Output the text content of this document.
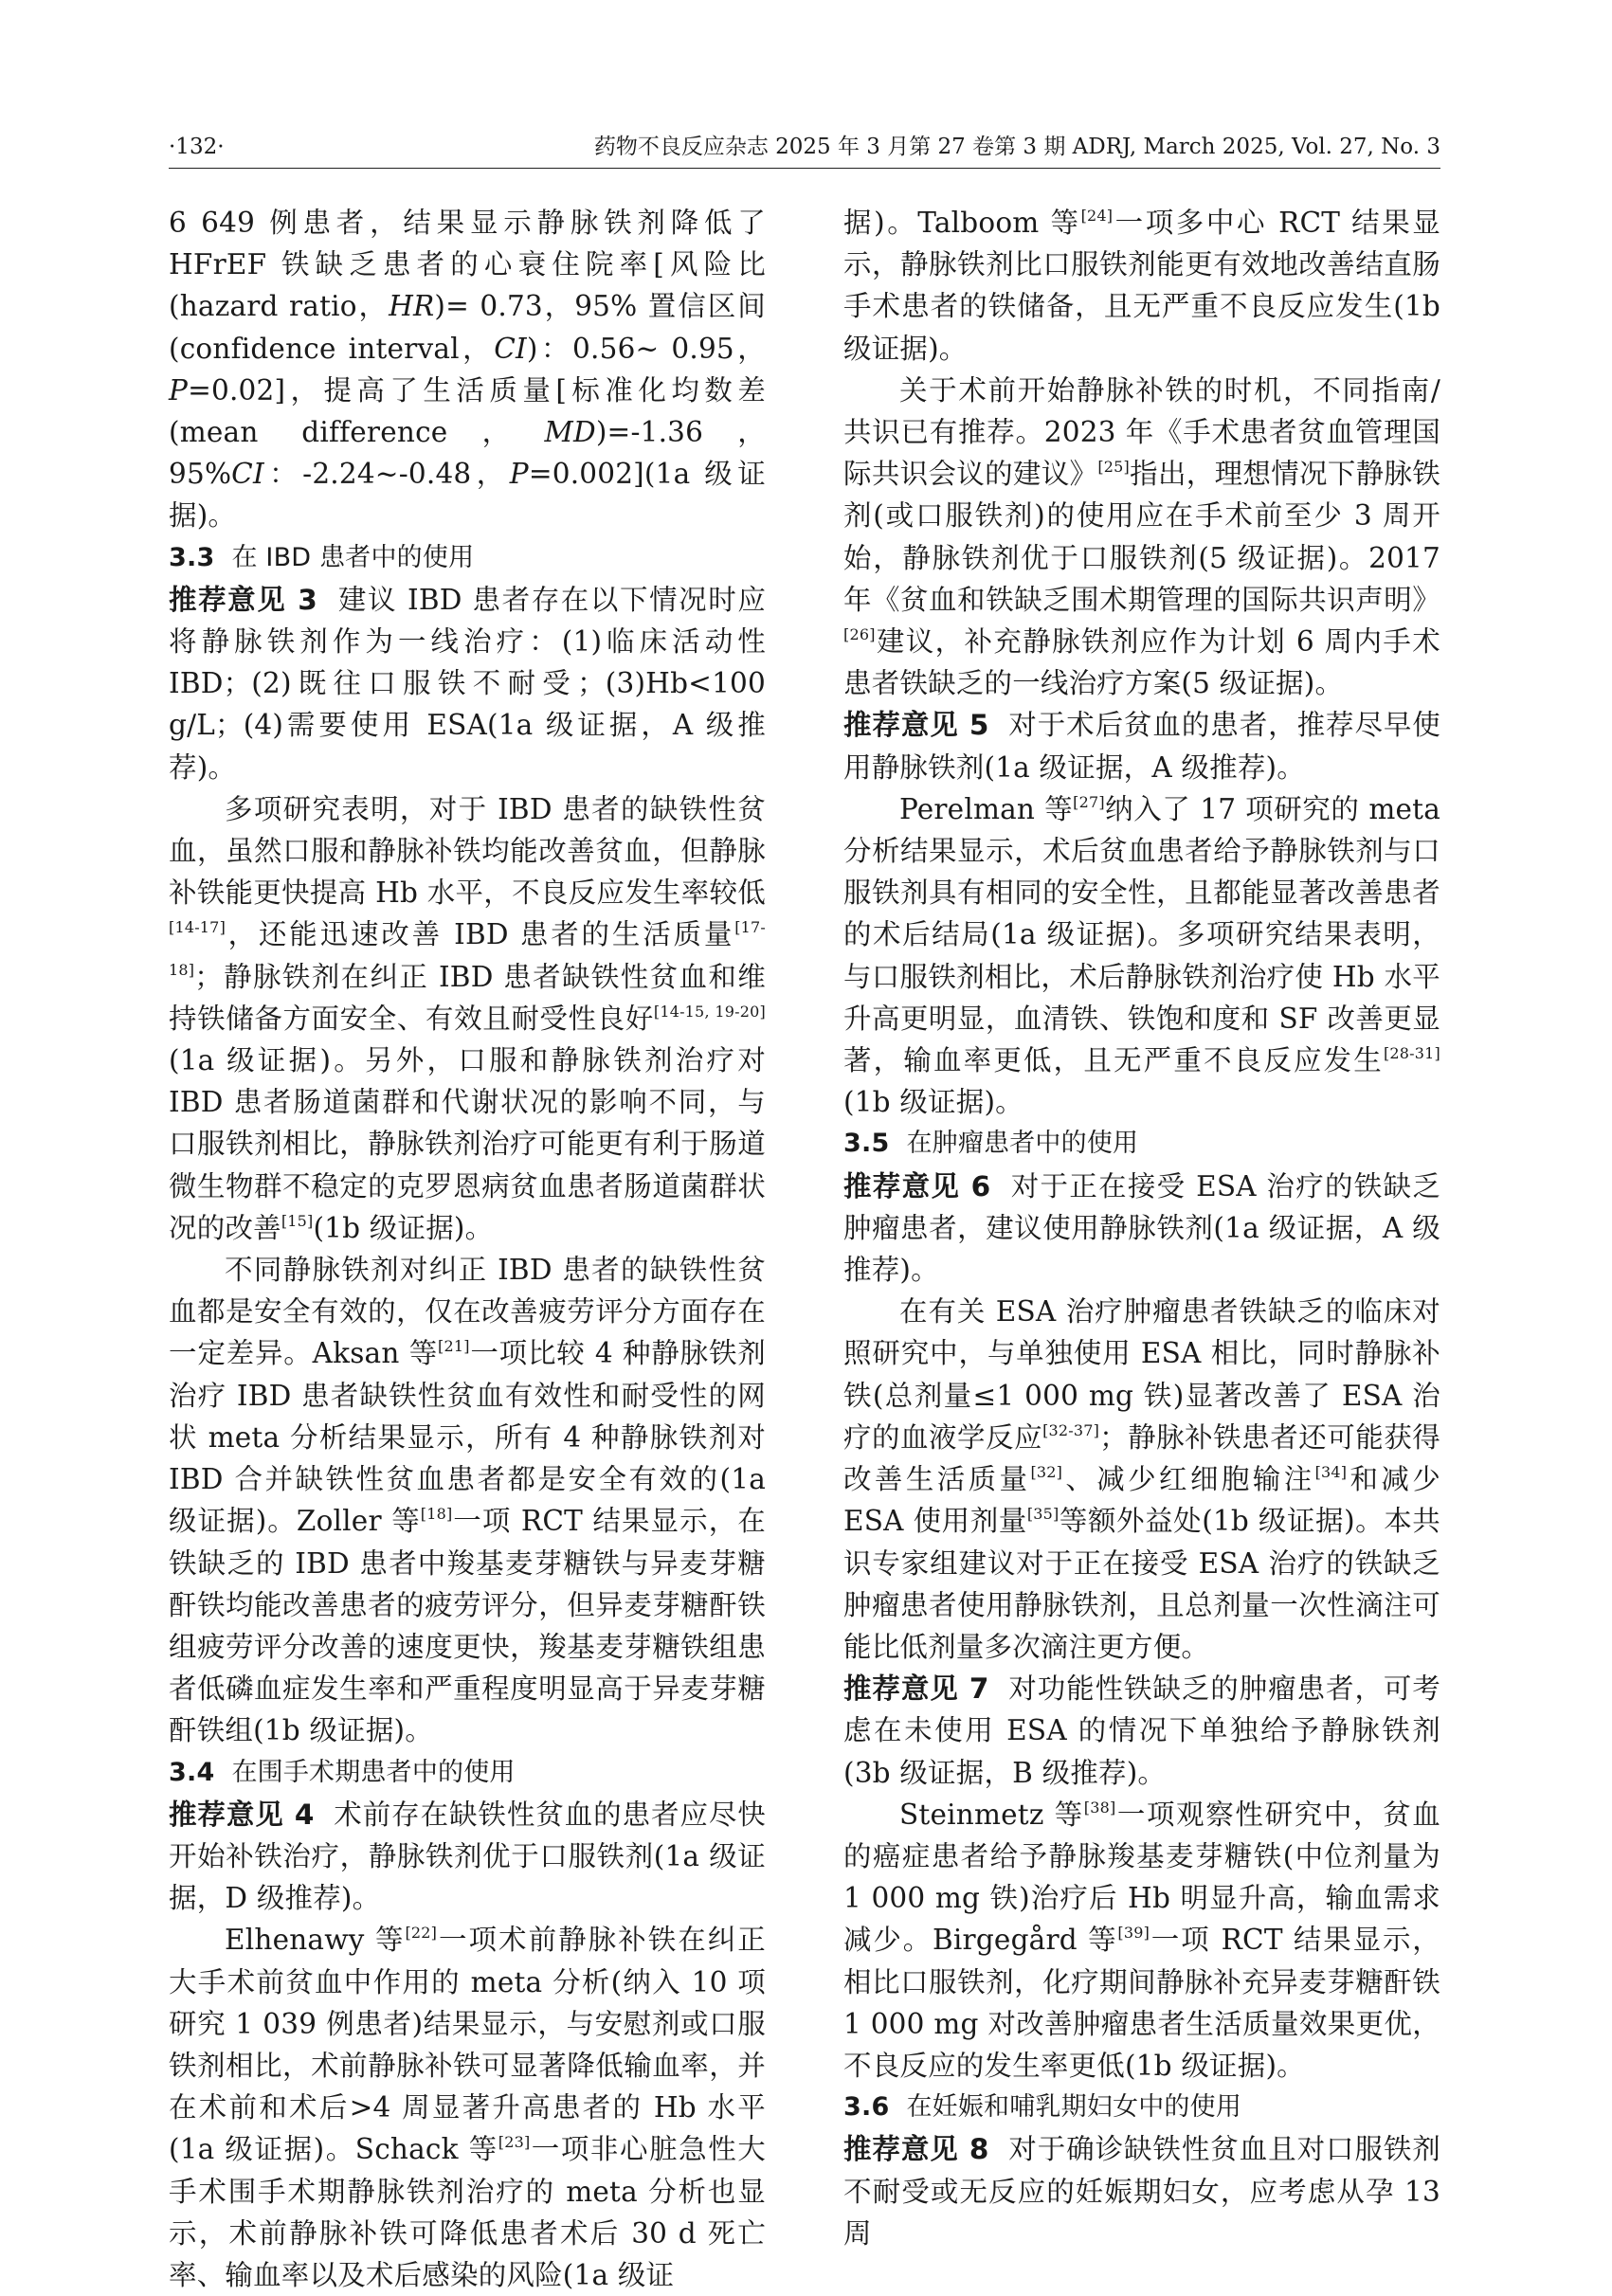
·132·	药物不良反应杂志 2025 年 3 月第 27 卷第 3 期 ADRJ, March 2025, Vol. 27, No. 3

6 649 例患者，结果显示静脉铁剂降低了 HFrEF 铁缺乏患者的心衰住院率[风险比(hazard ratio，HR)= 0.73，95% 置信区间(confidence interval，CI)：0.56~ 0.95，P=0.02]，提高了生活质量[标准化均数差(mean difference，MD)=-1.36，95%CI：-2.24~-0.48，P=0.002](1a 级证据)。

3.3 在 IBD 患者中的使用

推荐意见 3 建议 IBD 患者存在以下情况时应将静脉铁剂作为一线治疗：(1)临床活动性 IBD；(2)既往口服铁不耐受；(3)Hb<100 g/L；(4)需要使用 ESA(1a 级证据，A 级推荐)。

多项研究表明，对于 IBD 患者的缺铁性贫血，虽然口服和静脉补铁均能改善贫血，但静脉补铁能更快提高 Hb 水平，不良反应发生率较低[14-17]，还能迅速改善 IBD 患者的生活质量[17-18]；静脉铁剂在纠正 IBD 患者缺铁性贫血和维持铁储备方面安全、有效且耐受性良好[14-15, 19-20](1a 级证据)。另外，口服和静脉铁剂治疗对 IBD 患者肠道菌群和代谢状况的影响不同，与口服铁剂相比，静脉铁剂治疗可能更有利于肠道微生物群不稳定的克罗恩病贫血患者肠道菌群状况的改善[15](1b 级证据)。

不同静脉铁剂对纠正 IBD 患者的缺铁性贫血都是安全有效的，仅在改善疲劳评分方面存在一定差异。Aksan 等[21]一项比较 4 种静脉铁剂治疗 IBD 患者缺铁性贫血有效性和耐受性的网状 meta 分析结果显示，所有 4 种静脉铁剂对 IBD 合并缺铁性贫血患者都是安全有效的(1a 级证据)。Zoller 等[18]一项 RCT 结果显示，在铁缺乏的 IBD 患者中羧基麦芽糖铁与异麦芽糖酐铁均能改善患者的疲劳评分，但异麦芽糖酐铁组疲劳评分改善的速度更快，羧基麦芽糖铁组患者低磷血症发生率和严重程度明显高于异麦芽糖酐铁组(1b 级证据)。

3.4 在围手术期患者中的使用

推荐意见 4 术前存在缺铁性贫血的患者应尽快开始补铁治疗，静脉铁剂优于口服铁剂(1a 级证据，D 级推荐)。

Elhenawy 等[22]一项术前静脉补铁在纠正大手术前贫血中作用的 meta 分析(纳入 10 项研究 1 039 例患者)结果显示，与安慰剂或口服铁剂相比，术前静脉补铁可显著降低输血率，并在术前和术后>4 周显著升高患者的 Hb 水平(1a 级证据)。Schack 等[23]一项非心脏急性大手术围手术期静脉铁剂治疗的 meta 分析也显示，术前静脉补铁可降低患者术后 30 d 死亡率、输血率以及术后感染的风险(1a 级证

据)。Talboom 等[24]一项多中心 RCT 结果显示，静脉铁剂比口服铁剂能更有效地改善结直肠手术患者的铁储备，且无严重不良反应发生(1b 级证据)。

关于术前开始静脉补铁的时机，不同指南/共识已有推荐。2023 年《手术患者贫血管理国际共识会议的建议》[25]指出，理想情况下静脉铁剂(或口服铁剂)的使用应在手术前至少 3 周开始，静脉铁剂优于口服铁剂(5 级证据)。2017 年《贫血和铁缺乏围术期管理的国际共识声明》[26]建议，补充静脉铁剂应作为计划 6 周内手术患者铁缺乏的一线治疗方案(5 级证据)。

推荐意见 5 对于术后贫血的患者，推荐尽早使用静脉铁剂(1a 级证据，A 级推荐)。

Perelman 等[27]纳入了 17 项研究的 meta 分析结果显示，术后贫血患者给予静脉铁剂与口服铁剂具有相同的安全性，且都能显著改善患者的术后结局(1a 级证据)。多项研究结果表明，与口服铁剂相比，术后静脉铁剂治疗使 Hb 水平升高更明显，血清铁、铁饱和度和 SF 改善更显著，输血率更低，且无严重不良反应发生[28-31](1b 级证据)。

3.5 在肿瘤患者中的使用

推荐意见 6 对于正在接受 ESA 治疗的铁缺乏肿瘤患者，建议使用静脉铁剂(1a 级证据，A 级推荐)。

在有关 ESA 治疗肿瘤患者铁缺乏的临床对照研究中，与单独使用 ESA 相比，同时静脉补铁(总剂量≤1 000 mg 铁)显著改善了 ESA 治疗的血液学反应[32-37]；静脉补铁患者还可能获得改善生活质量[32]、减少红细胞输注[34]和减少 ESA 使用剂量[35]等额外益处(1b 级证据)。本共识专家组建议对于正在接受 ESA 治疗的铁缺乏肿瘤患者使用静脉铁剂，且总剂量一次性滴注可能比低剂量多次滴注更方便。

推荐意见 7 对功能性铁缺乏的肿瘤患者，可考虑在未使用 ESA 的情况下单独给予静脉铁剂(3b 级证据，B 级推荐)。

Steinmetz 等[38]一项观察性研究中，贫血的癌症患者给予静脉羧基麦芽糖铁(中位剂量为 1 000 mg 铁)治疗后 Hb 明显升高，输血需求减少。Birgegård 等[39]一项 RCT 结果显示，相比口服铁剂，化疗期间静脉补充异麦芽糖酐铁 1 000 mg 对改善肿瘤患者生活质量效果更优，不良反应的发生率更低(1b 级证据)。

3.6 在妊娠和哺乳期妇女中的使用

推荐意见 8 对于确诊缺铁性贫血且对口服铁剂不耐受或无反应的妊娠期妇女，应考虑从孕 13 周
